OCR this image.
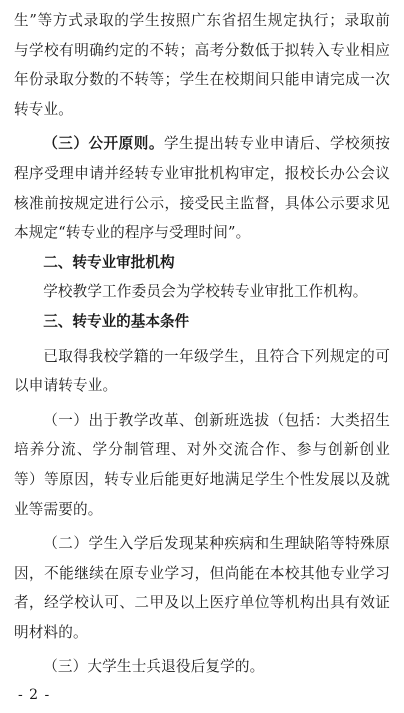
生”等方式录取的学生按照广东省招生规定执行；录取前与学校有明确约定的不转；高考分数低于拟转入专业相应年份录取分数的不转等；学生在校期间只能申请完成一次转专业。

（三）公开原则。学生提出转专业申请后、学校须按程序受理申请并经转专业审批机构审定，报校长办公会议核准前按规定进行公示，接受民主监督，具体公示要求见本规定“转专业的程序与受理时间”。

二、转专业审批机构

学校教学工作委员会为学校转专业审批工作机构。

三、转专业的基本条件

已取得我校学籍的一年级学生，且符合下列规定的可以申请转专业。

（一）出于教学改革、创新班选拔（包括：大类招生培养分流、学分制管理、对外交流合作、参与创新创业等）等原因，转专业后能更好地满足学生个性发展以及就业等需要的。

（二）学生入学后发现某种疾病和生理缺陷等特殊原因，不能继续在原专业学习，但尚能在本校其他专业学习者，经学校认可、二甲及以上医疗单位等机构出具有效证明材料的。

（三）大学生士兵退役后复学的。

- 2 -
